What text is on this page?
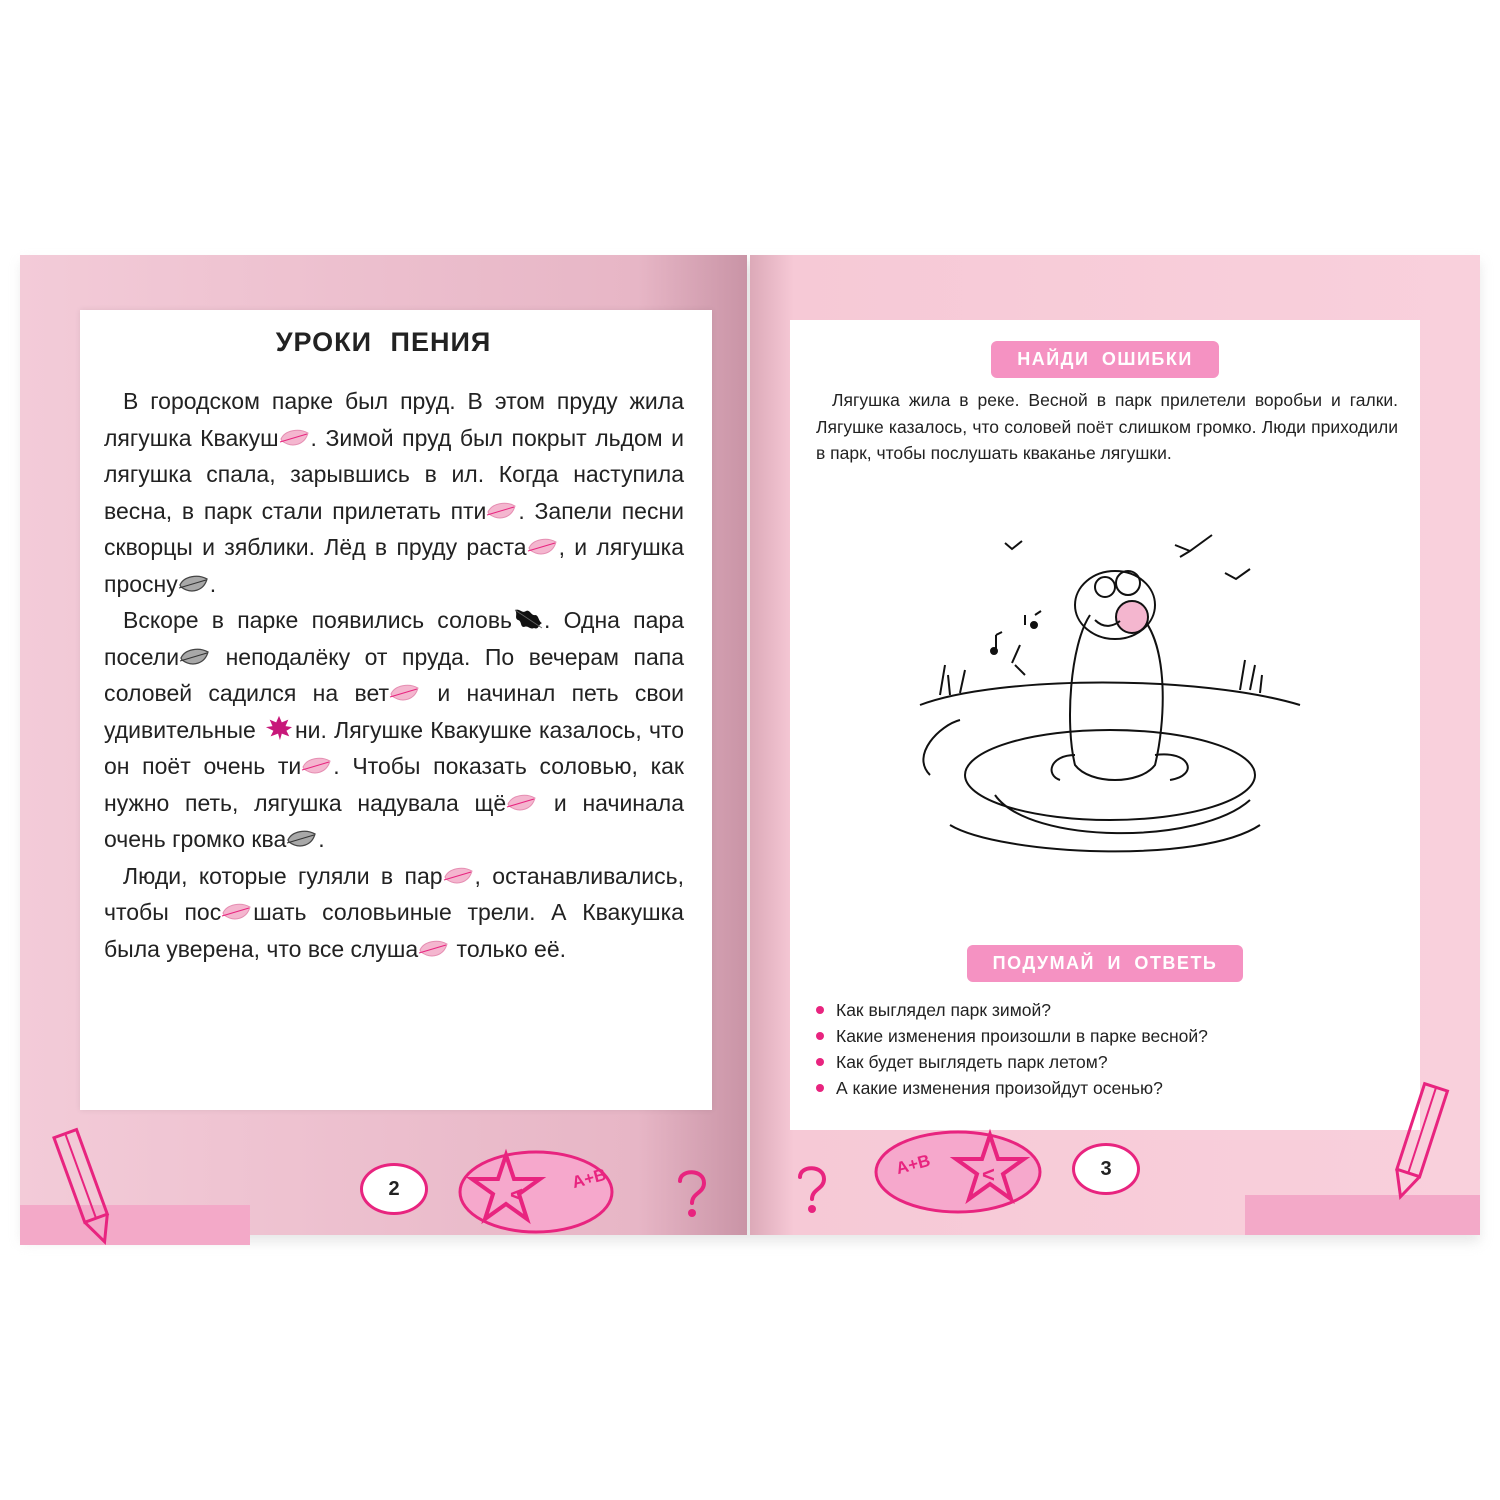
УРОКИ ПЕНИЯ

В городском парке был пруд. В этом пруду жила лягушка Квакуш . Зимой пруд был покрыт льдом и лягушка спала, зарывшись в ил. Когда наступила весна, в парк стали прилетать пти . Запели песни скворцы и зяблики. Лёд в пруду раста , и лягушка просну .

Вскоре в парке появились соловь . Одна пара посели неподалёку от пруда. По вечерам папа соловей садился на вет и начинал петь свои удивительные ни. Лягушке Квакушке казалось, что он поёт очень ти . Чтобы показать соловью, как нужно петь, лягушка надувала щё и начинала очень громко ква .

Люди, которые гуляли в пар , останавливались, чтобы пос шать соловьиные трели. А Квакушка была уверена, что все слуша только её.

2	<
A+B
НАЙДИ ОШИБКИ

Лягушка жила в реке. Весной в парк прилетели воробьи и галки. Лягушке казалось, что соловей поёт слишком громко. Люди приходили в парк, чтобы послушать кваканье лягушки.

ПОДУМАЙ И ОТВЕТЬ
Как выглядел парк зимой?
Какие изменения произошли в парке весной?
Как будет выглядеть парк летом?
А какие изменения произойдут осенью?
<
A+B	3
